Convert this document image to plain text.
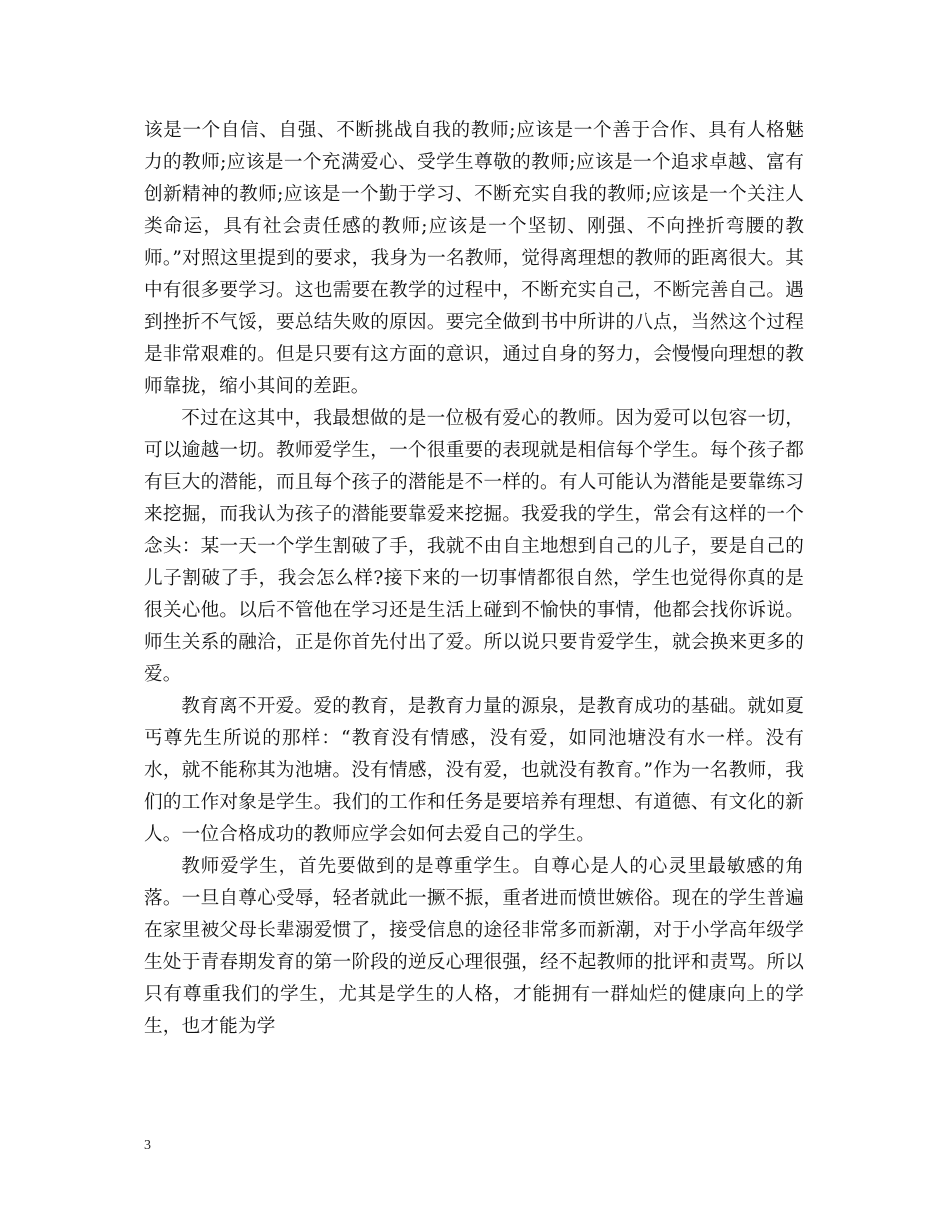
该是一个自信、自强、不断挑战自我的教师;应该是一个善于合作、具有人格魅力的教师;应该是一个充满爱心、受学生尊敬的教师;应该是一个追求卓越、富有创新精神的教师;应该是一个勤于学习、不断充实自我的教师;应该是一个关注人类命运，具有社会责任感的教师;应该是一个坚韧、刚强、不向挫折弯腰的教师。”对照这里提到的要求，我身为一名教师，觉得离理想的教师的距离很大。其中有很多要学习。这也需要在教学的过程中，不断充实自己，不断完善自己。遇到挫折不气馁，要总结失败的原因。要完全做到书中所讲的八点，当然这个过程是非常艰难的。但是只要有这方面的意识，通过自身的努力，会慢慢向理想的教师靠拢，缩小其间的差距。

不过在这其中，我最想做的是一位极有爱心的教师。因为爱可以包容一切，可以逾越一切。教师爱学生，一个很重要的表现就是相信每个学生。每个孩子都有巨大的潜能，而且每个孩子的潜能是不一样的。有人可能认为潜能是要靠练习来挖掘，而我认为孩子的潜能要靠爱来挖掘。我爱我的学生，常会有这样的一个念头：某一天一个学生割破了手，我就不由自主地想到自己的儿子，要是自己的儿子割破了手，我会怎么样?接下来的一切事情都很自然，学生也觉得你真的是很关心他。以后不管他在学习还是生活上碰到不愉快的事情，他都会找你诉说。师生关系的融洽，正是你首先付出了爱。所以说只要肯爱学生，就会换来更多的爱。

教育离不开爱。爱的教育，是教育力量的源泉，是教育成功的基础。就如夏丐尊先生所说的那样：“教育没有情感，没有爱，如同池塘没有水一样。没有水，就不能称其为池塘。没有情感，没有爱，也就没有教育。”作为一名教师，我们的工作对象是学生。我们的工作和任务是要培养有理想、有道德、有文化的新人。一位合格成功的教师应学会如何去爱自己的学生。

教师爱学生，首先要做到的是尊重学生。自尊心是人的心灵里最敏感的角落。一旦自尊心受辱，轻者就此一撅不振，重者进而愤世嫉俗。现在的学生普遍在家里被父母长辈溺爱惯了，接受信息的途径非常多而新潮，对于小学高年级学生处于青春期发育的第一阶段的逆反心理很强，经不起教师的批评和责骂。所以只有尊重我们的学生，尤其是学生的人格，才能拥有一群灿烂的健康向上的学生，也才能为学

3
